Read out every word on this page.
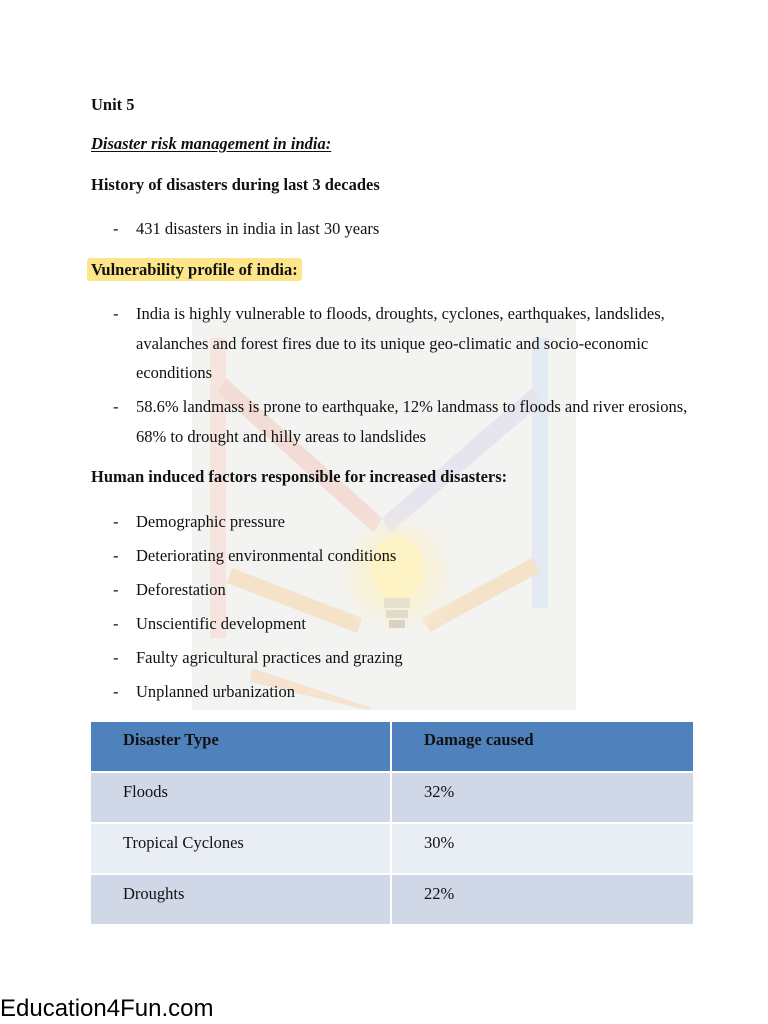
Unit 5
Disaster risk management in india:
History of disasters during last 3 decades
- 431 disasters in india in last 30 years
Vulnerability profile of india:
- India is highly vulnerable to floods, droughts, cyclones, earthquakes, landslides, avalanches and forest fires due to its unique geo-climatic and socio-economic econditions
- 58.6% landmass is prone to earthquake, 12% landmass to floods and river erosions, 68% to drought and hilly areas to landslides
Human induced factors responsible for increased disasters:
- Demographic pressure
- Deteriorating environmental conditions
- Deforestation
- Unscientific development
- Faulty agricultural practices and grazing
- Unplanned urbanization
Disaster Type	Damage caused
Floods	32%
Tropical Cyclones	30%
Droughts	22%
Education4Fun.com
